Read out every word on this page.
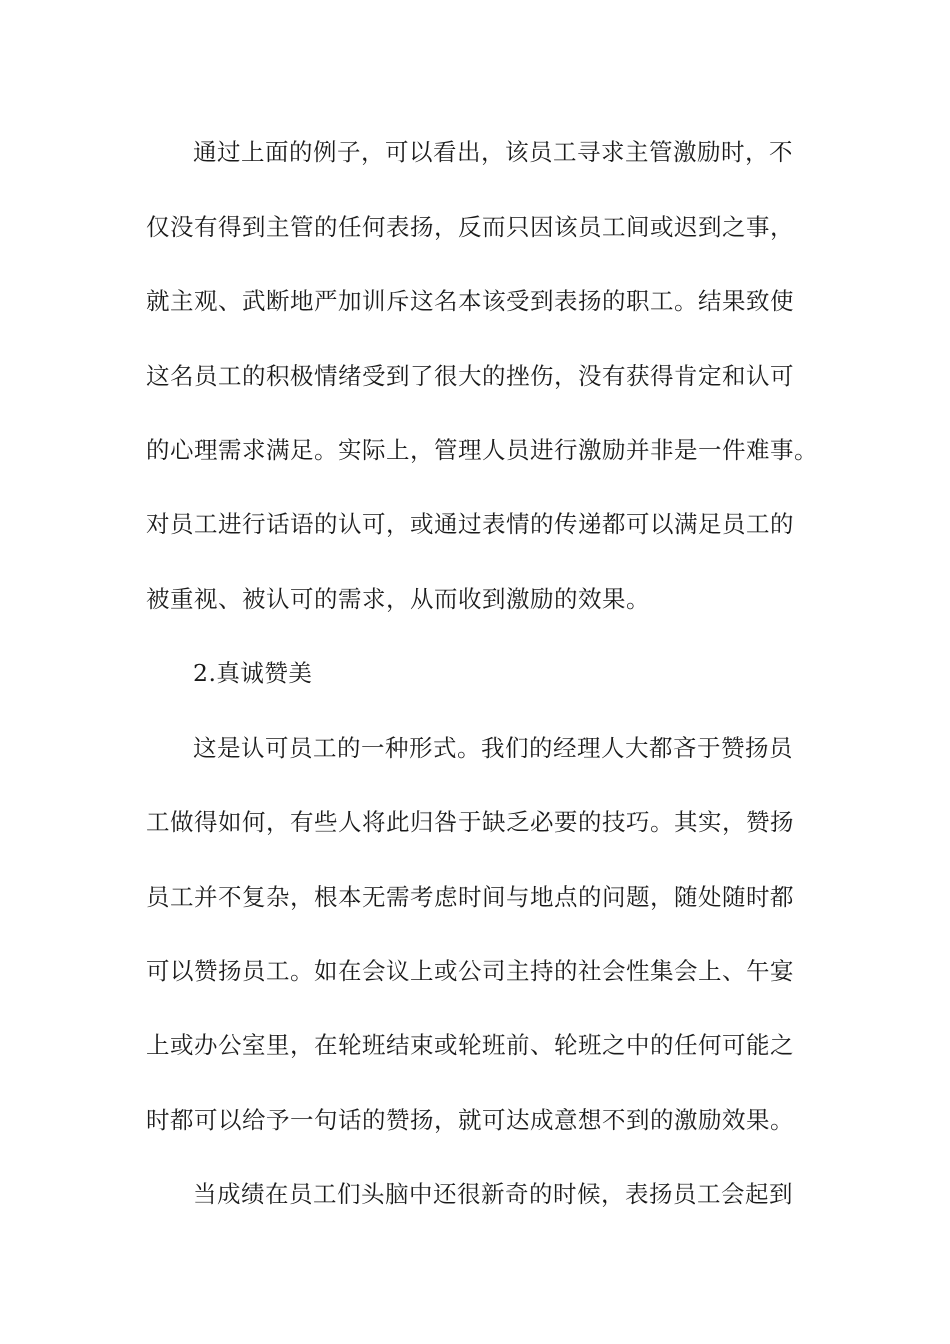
通过上面的例子，可以看出，该员工寻求主管激励时，不
仅没有得到主管的任何表扬，反而只因该员工间或迟到之事，
就主观、武断地严加训斥这名本该受到表扬的职工。结果致使
这名员工的积极情绪受到了很大的挫伤，没有获得肯定和认可
的心理需求满足。实际上，管理人员进行激励并非是一件难事。
对员工进行话语的认可，或通过表情的传递都可以满足员工的
被重视、被认可的需求，从而收到激励的效果。
2.真诚赞美
这是认可员工的一种形式。我们的经理人大都吝于赞扬员
工做得如何，有些人将此归咎于缺乏必要的技巧。其实，赞扬
员工并不复杂，根本无需考虑时间与地点的问题，随处随时都
可以赞扬员工。如在会议上或公司主持的社会性集会上、午宴
上或办公室里，在轮班结束或轮班前、轮班之中的任何可能之
时都可以给予一句话的赞扬，就可达成意想不到的激励效果。
当成绩在员工们头脑中还很新奇的时候，表扬员工会起到
